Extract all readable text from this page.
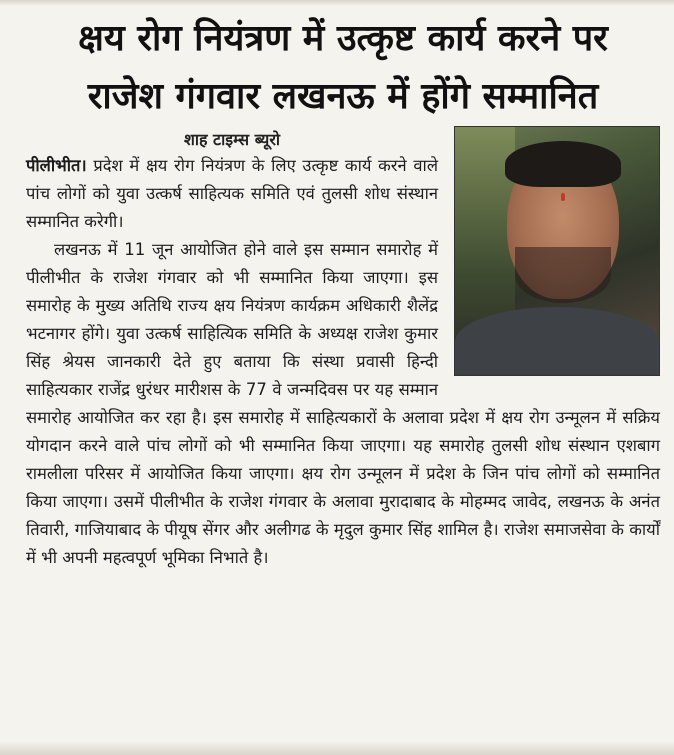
क्षय रोग नियंत्रण में उत्कृष्ट कार्य करने पर
राजेश गंगवार लखनऊ में होंगे सम्मानित
शाह टाइम्स ब्यूरो

पीलीभीत। प्रदेश में क्षय रोग नियंत्रण के लिए उत्कृष्ट कार्य करने वाले पांच लोगों को युवा उत्कर्ष साहित्यक समिति एवं तुलसी शोध संस्थान सम्मानित करेगी।

लखनऊ में 11 जून आयोजित होने वाले इस सम्मान समारोह में पीलीभीत के राजेश गंगवार को भी सम्मानित किया जाएगा। इस समारोह के मुख्य अतिथि राज्य क्षय नियंत्रण कार्यक्रम अधिकारी शैलेंद्र भटनागर होंगे। युवा उत्कर्ष साहित्यिक समिति के अध्यक्ष राजेश कुमार सिंह श्रेयस जानकारी देते हुए बताया कि संस्था प्रवासी हिन्दी साहित्यकार राजेंद्र धुरंधर मारीशस के 77 वे जन्मदिवस पर यह सम्मान समारोह आयोजित कर रहा है। इस समारोह में साहित्यकारों के अलावा प्रदेश में क्षय रोग उन्मूलन में सक्रिय योगदान करने वाले पांच लोगों को भी सम्मानित किया जाएगा। यह समारोह तुलसी शोध संस्थान एशबाग रामलीला परिसर में आयोजित किया जाएगा। क्षय रोग उन्मूलन में प्रदेश के जिन पांच लोगों को सम्मानित किया जाएगा। उसमें पीलीभीत के राजेश गंगवार के अलावा मुरादाबाद के मोहम्मद जावेद, लखनऊ के अनंत तिवारी, गाजियाबाद के पीयूष सेंगर और अलीगढ के मृदुल कुमार सिंह शामिल है। राजेश समाजसेवा के कार्यों में भी अपनी महत्वपूर्ण भूमिका निभाते है।
